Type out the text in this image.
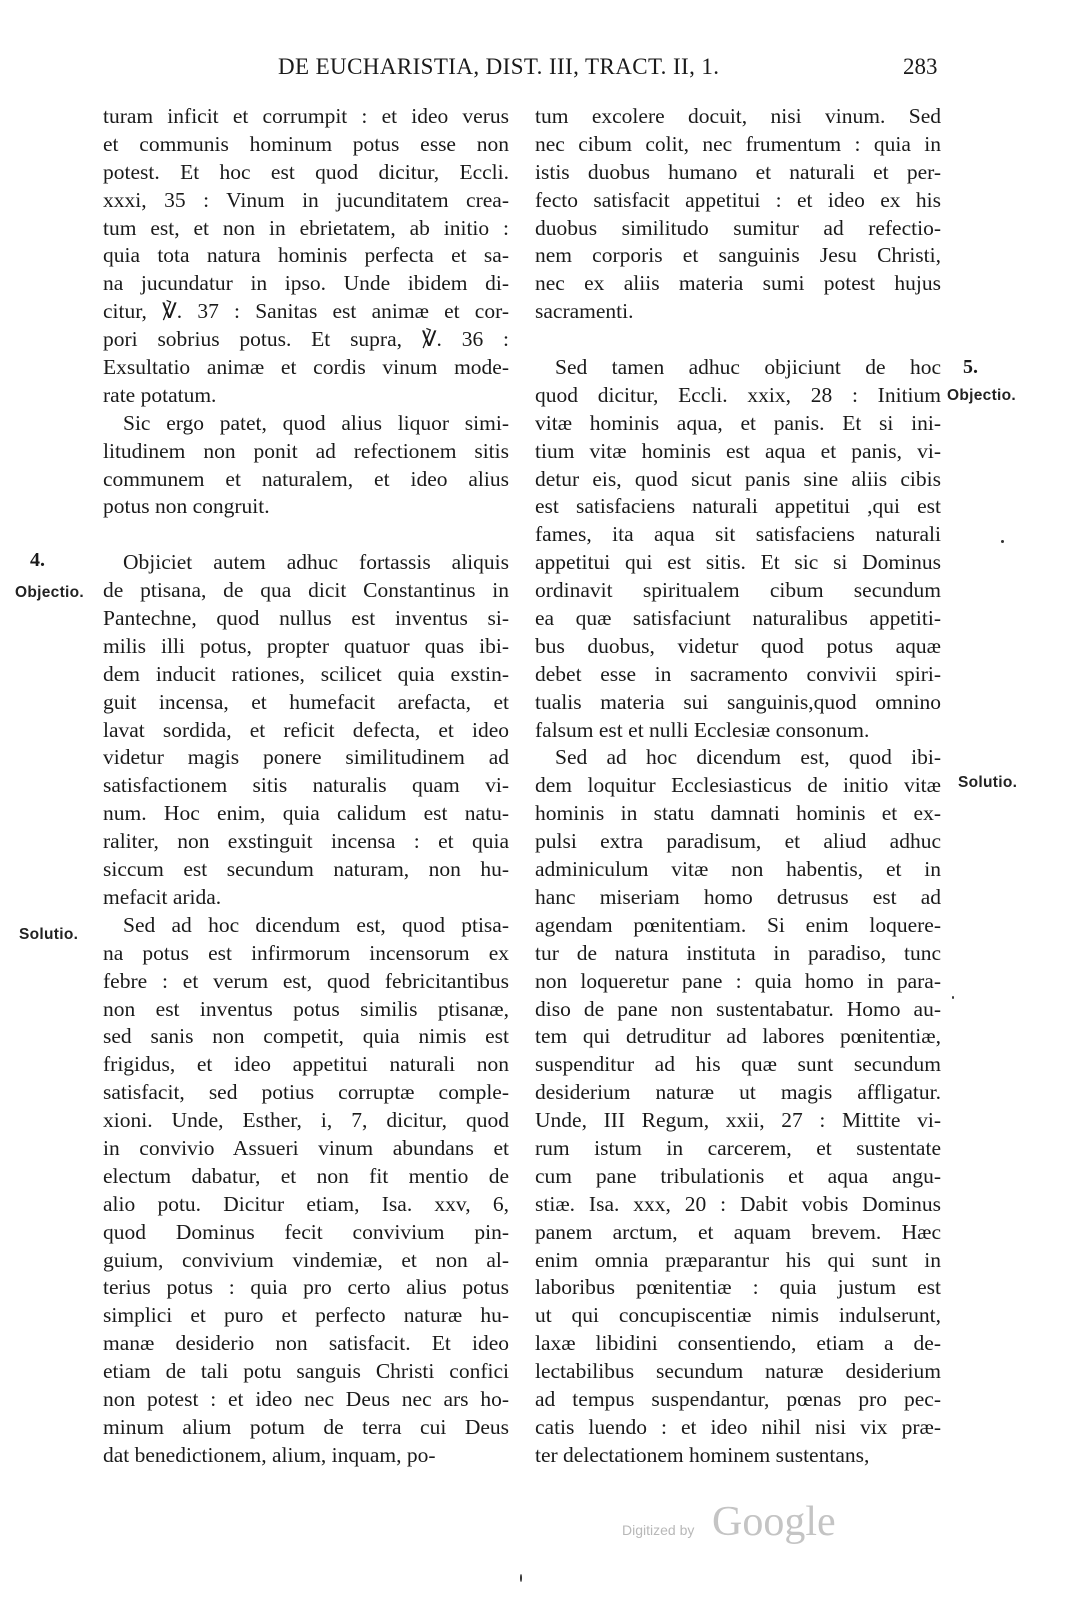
DE EUCHARISTIA, DIST. III, TRACT. II, 1.	283
turam inficit et corrumpit : et ideo verus
et communis hominum potus esse non
potest. Et hoc est quod dicitur, Eccli.
xxxi, 35 : Vinum in jucunditatem crea-
tum est, et non in ebrietatem, ab initio :
quia tota natura hominis perfecta et sa-
na jucundatur in ipso. Unde ibidem di-
citur, ℣. 37 : Sanitas est animæ et cor-
pori sobrius potus. Et supra, ℣. 36 :
Exsultatio animæ et cordis vinum mode-
rate potatum.
Sic ergo patet, quod alius liquor simi-
litudinem non ponit ad refectionem sitis
communem et naturalem, et ideo alius
potus non congruit.
Objiciet autem adhuc fortassis aliquis
de ptisana, de qua dicit Constantinus in
Pantechne, quod nullus est inventus si-
milis illi potus, propter quatuor quas ibi-
dem inducit rationes, scilicet quia exstin-
guit incensa, et humefacit arefacta, et
lavat sordida, et reficit defecta, et ideo
videtur magis ponere similitudinem ad
satisfactionem sitis naturalis quam vi-
num. Hoc enim, quia calidum est natu-
raliter, non exstinguit incensa : et quia
siccum est secundum naturam, non hu-
mefacit arida.
Sed ad hoc dicendum est, quod ptisa-
na potus est infirmorum incensorum ex
febre : et verum est, quod febricitantibus
non est inventus potus similis ptisanæ,
sed sanis non competit, quia nimis est
frigidus, et ideo appetitui naturali non
satisfacit, sed potius corruptæ comple-
xioni. Unde, Esther, i, 7, dicitur, quod
in convivio Assueri vinum abundans et
electum dabatur, et non fit mentio de
alio potu. Dicitur etiam, Isa. xxv, 6,
quod Dominus fecit convivium pin-
guium, convivium vindemiæ, et non al-
terius potus : quia pro certo alius potus
simplici et puro et perfecto naturæ hu-
manæ desiderio non satisfacit. Et ideo
etiam de tali potu sanguis Christi confici
non potest : et ideo nec Deus nec ars ho-
minum alium potum de terra cui Deus
dat benedictionem, alium, inquam, po-
tum excolere docuit, nisi vinum. Sed
nec cibum colit, nec frumentum : quia in
istis duobus humano et naturali et per-
fecto satisfacit appetitui : et ideo ex his
duobus similitudo sumitur ad refectio-
nem corporis et sanguinis Jesu Christi,
nec ex aliis materia sumi potest hujus
sacramenti.
Sed tamen adhuc objiciunt de hoc
quod dicitur, Eccli. xxix, 28 : Initium
vitæ hominis aqua, et panis. Et si ini-
tium vitæ hominis est aqua et panis, vi-
detur eis, quod sicut panis sine aliis cibis
est satisfaciens naturali appetitui ,qui est
fames, ita aqua sit satisfaciens naturali
appetitui qui est sitis. Et sic si Dominus
ordinavit spiritualem cibum secundum
ea quæ satisfaciunt naturalibus appetiti-
bus duobus, videtur quod potus aquæ
debet esse in sacramento convivii spiri-
tualis materia sui sanguinis,quod omnino
falsum est et nulli Ecclesiæ consonum.
Sed ad hoc dicendum est, quod ibi-
dem loquitur Ecclesiasticus de initio vitæ
hominis in statu damnati hominis et ex-
pulsi extra paradisum, et aliud adhuc
adminiculum vitæ non habentis, et in
hanc miseriam homo detrusus est ad
agendam pœnitentiam. Si enim loquere-
tur de natura instituta in paradiso, tunc
non loqueretur pane : quia homo in para-
diso de pane non sustentabatur. Homo au-
tem qui detruditur ad labores pœnitentiæ,
suspenditur ad his quæ sunt secundum
desiderium naturæ ut magis affligatur.
Unde, III Regum, xxii, 27 : Mittite vi-
rum istum in carcerem, et sustentate
cum pane tribulationis et aqua angu-
stiæ. Isa. xxx, 20 : Dabit vobis Dominus
panem arctum, et aquam brevem. Hæc
enim omnia præparantur his qui sunt in
laboribus pœnitentiæ : quia justum est
ut qui concupiscentiæ nimis indulserunt,
laxæ libidini consentiendo, etiam a de-
lectabilibus secundum naturæ desiderium
ad tempus suspendantur, pœnas pro pec-
catis luendo : et ideo nihil nisi vix præ-
ter delectationem hominem sustentans,
4.
Objectio.
Solutio.
5.
Objectio.
Solutio.
Digitized by Google
